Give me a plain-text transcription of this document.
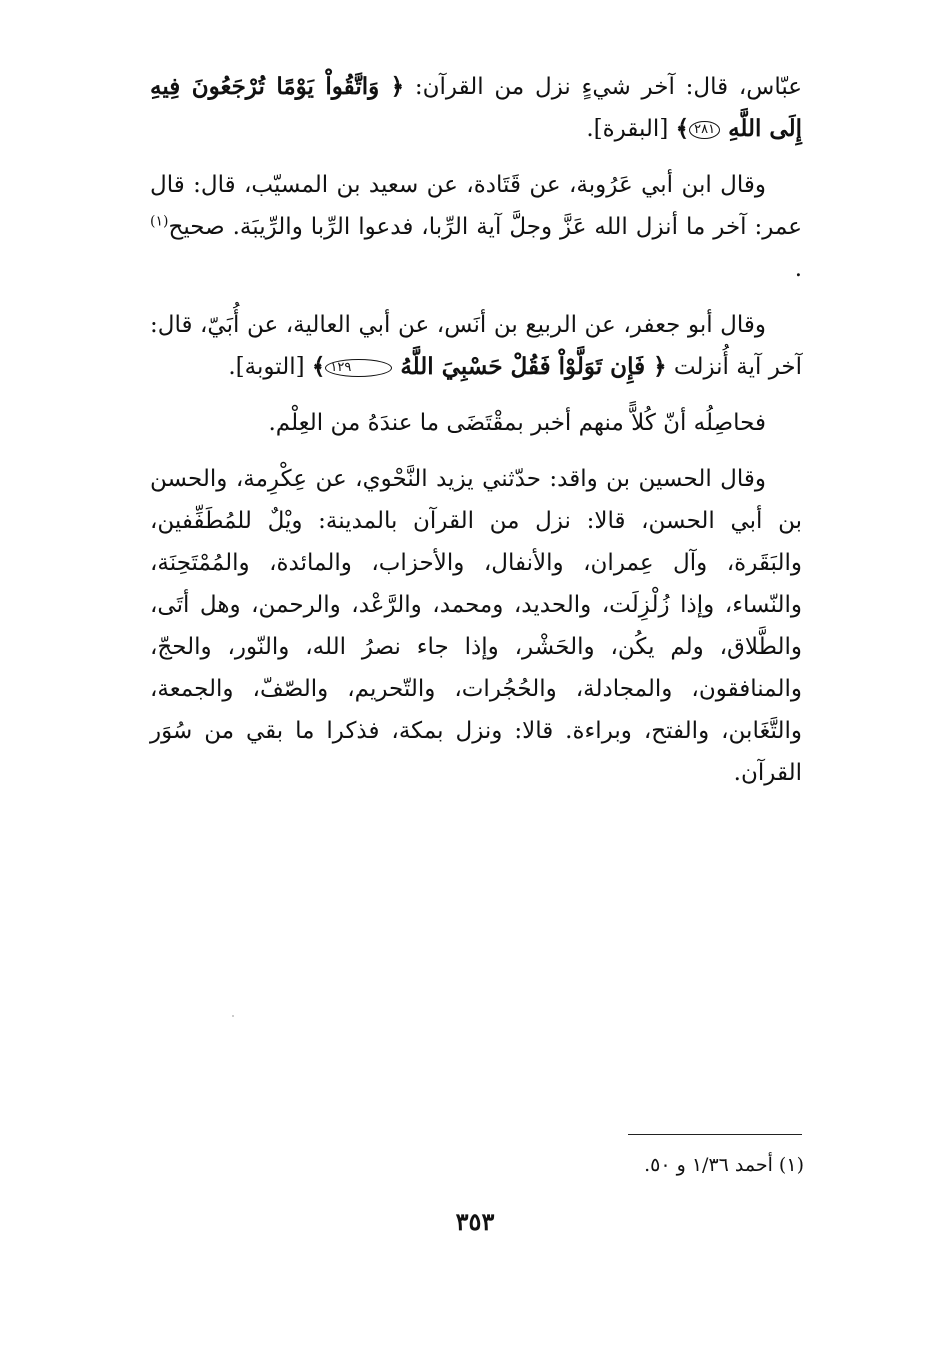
عبّاس، قال: آخر شيءٍ نزل من القرآن: ﴿ وَاتَّقُواْ يَوْمًا تُرْجَعُونَ فِيهِ إِلَى اللَّهِ ٢٨١﴾ [البقرة].

وقال ابن أبي عَرُوبة، عن قَتَادة، عن سعيد بن المسيّب، قال: قال عمر: آخر ما أنزل الله عَزَّ وجلَّ آية الرِّبا، فدعوا الرِّبا والرِّيبَة. صحيح$^{(١)}$ .

وقال أبو جعفر، عن الربيع بن أنَس، عن أبي العالية، عن أُبَيّ، قال: آخر آية أُنزلت ﴿ فَإِن تَوَلَّوْاْ فَقُلْ حَسْبِيَ اللَّهُ ١٢٩﴾ [التوبة].

فحاصِلُه أنّ كُلاًّ منهم أخبر بمقْتَضَى ما عندَهُ من العِلْم.

وقال الحسين بن واقد: حدّثني يزيد النَّحْوي، عن عِكْرِمة، والحسن بن أبي الحسن، قالا: نزل من القرآن بالمدينة: ويْلٌ للمُطَفِّفين، والبَقَرة، وآل عِمران، والأنفال، والأحزاب، والمائدة، والمُمْتَحِنَة، والنّساء، وإذا زُلْزِلَت، والحديد، ومحمد، والرَّعْد، والرحمن، وهل أتَى، والطَّلاق، ولم يكُن، والحَشْر، وإذا جاء نصرُ الله، والنّور، والحجّ، والمنافقون، والمجادلة، والحُجُرات، والتّحريم، والصّفّ، والجمعة، والتَّغَابن، والفتح، وبراءة. قالا: ونزل بمكة، فذكرا ما بقي من سُوَر القرآن.

(١) أحمد ١/٣٦ و ٥٠.
٣٥٣
